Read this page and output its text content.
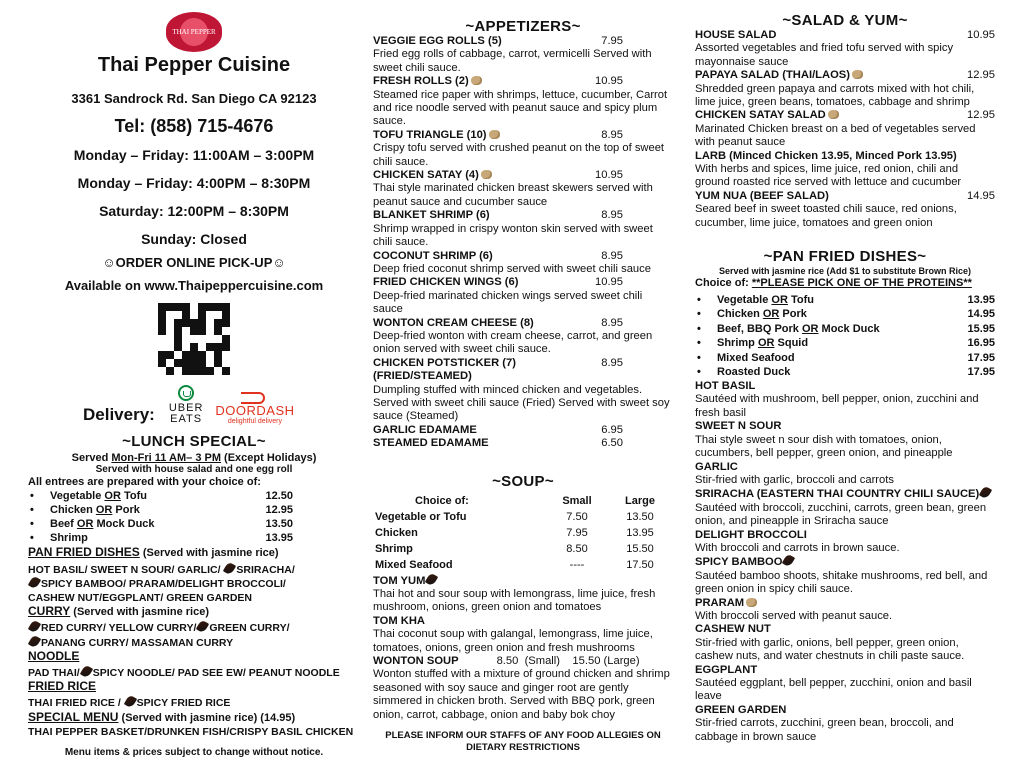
THAI PEPPER
Thai Pepper Cuisine
3361 Sandrock Rd. San Diego CA 92123
Tel: (858) 715-4676
Monday – Friday: 11:00AM – 3:00PM
Monday – Friday: 4:00PM – 8:30PM
Saturday: 12:00PM – 8:30PM
Sunday: Closed
☺ORDER ONLINE PICK-UP☺
Available on www.Thaipeppercuisine.com
Delivery: UBER
EATS
DOORDASH
delightful delivery
~LUNCH SPECIAL~
Served Mon-Fri 11 AM– 3 PM (Except Holidays)
Served with house salad and one egg roll
All entrees are prepared with your choice of:
• Vegetable OR Tofu	12.50
• Chicken OR Pork	12.95
• Beef OR Mock Duck	13.50
• Shrimp	13.95
PAN FRIED DISHES (Served with jasmine rice)
HOT BASIL/ SWEET N SOUR/ GARLIC/ SRIRACHA/
SPICY BAMBOO/ PRARAM/DELIGHT BROCCOLI/
CASHEW NUT/EGGPLANT/ GREEN GARDEN
CURRY (Served with jasmine rice)
RED CURRY/ YELLOW CURRY/ GREEN CURRY/
PANANG CURRY/ MASSAMAN CURRY
NOODLE
PAD THAI/ SPICY NOODLE/ PAD SEE EW/ PEANUT NOODLE
FRIED RICE
THAI FRIED RICE / SPICY FRIED RICE
SPECIAL MENU (Served with jasmine rice) (14.95)
THAI PEPPER BASKET/DRUNKEN FISH/CRISPY BASIL CHICKEN
Menu items & prices subject to change without notice.
~APPETIZERS~
VEGGIE EGG ROLLS (5)	7.95
Fried egg rolls of cabbage, carrot, vermicelli Served with sweet chili sauce.
FRESH ROLLS (2)	10.95
Steamed rice paper with shrimps, lettuce, cucumber, Carrot and rice noodle served with peanut sauce and spicy plum sauce.
TOFU TRIANGLE (10)	8.95
Crispy tofu served with crushed peanut on the top of sweet chili sauce.
CHICKEN SATAY (4)	10.95
Thai style marinated chicken breast skewers served with peanut sauce and cucumber sauce
BLANKET SHRIMP (6)	8.95
Shrimp wrapped in crispy wonton skin served with sweet chili sauce.
COCONUT SHRIMP (6)	8.95
Deep fried coconut shrimp served with sweet chili sauce
FRIED CHICKEN WINGS (6)	10.95
Deep-fried marinated chicken wings served sweet chili sauce
WONTON CREAM CHEESE (8)	8.95
Deep-fried wonton with cream cheese, carrot, and green onion served with sweet chili sauce.
CHICKEN POTSTICKER (7) (FRIED/STEAMED)
8.95
Dumpling stuffed with minced chicken and vegetables. Served with sweet chili sauce (Fried) Served with sweet soy sauce (Steamed)
GARLIC EDAMAME	6.95
STEAMED EDAMAME	6.50
~SOUP~
Choice of:	Small	Large
Vegetable or Tofu	7.50	13.50
Chicken	7.95	13.95
Shrimp	8.50	15.50
Mixed Seafood	----	17.50
TOM YUM
Thai hot and sour soup with lemongrass, lime juice, fresh mushroom, onions, green onion and tomatoes
TOM KHA
Thai coconut soup with galangal, lemongrass, lime juice, tomatoes, onions, green onion and fresh mushrooms
WONTON SOUP	8.50  (Small)    15.50 (Large)
Wonton stuffed with a mixture of ground chicken and shrimp seasoned with soy sauce and ginger root are gently simmered in chicken broth. Served with BBQ pork, green onion, carrot, cabbage, onion and baby bok choy
PLEASE INFORM OUR STAFFS OF ANY FOOD ALLEGIES ON DIETARY RESTRICTIONS
~SALAD & YUM~
HOUSE SALAD	10.95
Assorted vegetables and fried tofu served with spicy mayonnaise sauce
PAPAYA SALAD (THAI/LAOS)	12.95
Shredded green papaya and carrots mixed with hot chili, lime juice, green beans, tomatoes, cabbage and shrimp
CHICKEN SATAY SALAD	12.95
Marinated Chicken breast on a bed of vegetables served with peanut sauce
LARB (Minced Chicken 13.95, Minced Pork 13.95)
With herbs and spices, lime juice, red onion, chili and ground roasted rice served with lettuce and cucumber
YUM NUA (BEEF SALAD)	14.95
Seared beef in sweet toasted chili sauce, red onions, cucumber, lime juice, tomatoes and green onion
~PAN FRIED DISHES~
Served with jasmine rice (Add $1 to substitute Brown Rice)
Choice of: **PLEASE PICK ONE OF THE PROTEINS**
• Vegetable OR Tofu	13.95
• Chicken OR Pork	14.95
• Beef, BBQ Pork OR Mock Duck	15.95
• Shrimp OR Squid	16.95
• Mixed Seafood	17.95
• Roasted Duck	17.95
HOT BASIL
Sautéed with mushroom, bell pepper, onion, zucchini and fresh basil
SWEET N SOUR
Thai style sweet n sour dish with tomatoes, onion, cucumbers, bell pepper, green onion, and pineapple
GARLIC
Stir-fried with garlic, broccoli and carrots
SRIRACHA (EASTERN THAI COUNTRY CHILI SAUCE)
Sautéed with broccoli, zucchini, carrots, green bean, green onion, and pineapple in Sriracha sauce
DELIGHT BROCCOLI
With broccoli and carrots in brown sauce.
SPICY BAMBOO
Sautéed bamboo shoots, shitake mushrooms, red bell, and green onion in spicy chili sauce.
PRARAM
With broccoli served with peanut sauce.
CASHEW NUT
Stir-fried with garlic, onions, bell pepper, green onion, cashew nuts, and water chestnuts in chili paste sauce.
EGGPLANT
Sautéed eggplant, bell pepper, zucchini, onion and basil leave
GREEN GARDEN
Stir-fried carrots, zucchini, green bean, broccoli, and cabbage in brown sauce
